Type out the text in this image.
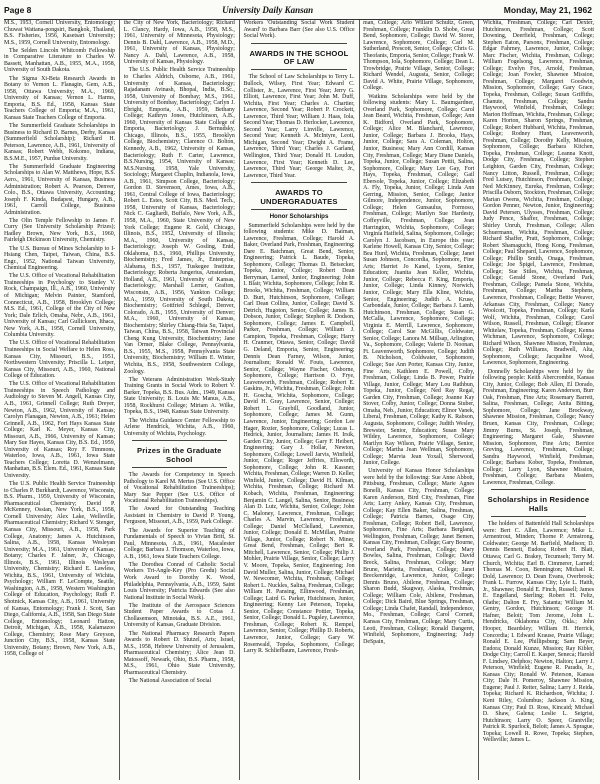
Page 8	University Daily Kansan	Monday, May 21, 1962

M.S., 1953, Cornell University, Entomology; Chuwat Wattana-pongsiri, Bangkok, Thailand, B.S. Fisheries, 1956, Kasetsart University; M.S., 1959, Cornell University, Entomology.

The Selden Lincoln Whitcomb Fellowship in Comparative Literature to Charles W. Bassett, Manhattan, A.B., 1955, M.A., 1958, University of South Dakota.

The Sigma Xi-Beta Research Awards in Botany to Vernon L. Flanagin, Gem, A.B., 1958, Ottawa University; M.A., 1960, University of Kansas; Vernon L. Harms, Emporia, B.S. Ed., 1958, Kansas State Teachers College of Emporia; M.A., 1961, Kansas State Teachers College of Emporia.

The Summerfield Graduate Scholarships in Business to Richard D. Barnes, Derby, Kansas (Summerfield Scholarship); Richard H. Peterson, Lawrence, A.B., 1961, University of Kansas; Robert Webb, Kokomo, Indiana, B.S.M.E., 1957, Purdue University.

The Summerfield Graduate Engineering Scholarships to Alan W. Matthews, Hope, B.S. Aero., 1961, University of Kansas, Business Administration; Robert A. Pearson, Denver, Colo., B.S., Ottawa University, Accounting; Joseph F. Kinda, Budapest, Hungary, A.B., 1961, Carroll College, Business Administration.

The Olin Temple Fellowship to James F. Curry (See University Scholarship Prizes); Hadley Brown, New York, B.S., 1960, Fairleigh Dickinson University, Chemistry.

The U.S. Bureau of Mines Scholarship to I-Hsiang Chen, Taipei, Taiwan, China, B.S. Engr., 1952, National Taiwan University, Chemical Engineering.

The U.S. Office of Vocational Rehabilitation Traineeships in Psychology to Stanley V. Rock, Champaign, Ill., A.B., 1960, University of Michigan; Melvin Painter, Stamford, Connecticut, A.B., 1958, Brooklyn College; M.S. Ed., 1961, College of the City of New York; Dale Erlich, Omaha, Nebr., A.B., 1961, University of Kansas; Carl Gullickson, Ithaca, New York, A.B., 1958, Cornell University, Columbia University.

The U.S. Office of Vocational Rehabilitation Traineeships in Social Welfare to Helen Ross, Kansas City, Missouri, B.S., 1951, Northwestern University; Priscilla L. Leiper, Kansas City, Missouri, A.B., 1960, National College of Education.

The U.S. Office of Vocational Rehabilitation Traineeships in Speech Pathology and Audiology to Steven M. Angell, Kansas City, A.B., 1961, Grinnell College; Ruth Dreyer, Newton, A.B., 1962, University of Kansas; Carolyn Flanagan, Newton, A.B., 1961; Helen Grinnell, A.B., 1962, Fort Hays Kansas State College; Karl K. Meyer, Kansas City, Missouri, A.B., 1966, University of Kansas; Mary Sue Hayes, Kansas City, B.S. Ed., 1959, University of Kansas; Roy F. Timmons, Waterloo, Iowa, A.B., 1961, Iowa State Teachers College; Loretta D. Wenzelmann, Manhattan, B.S. Elem. Ed., 1961, Kansas State University.

The U.S. Public Health Service Traineeship to Charles P. Burkhardt, Lawrence, Wisconsin, B.S. Pharm., 1959, University of Wisconsin, Pharmaceutical Chemistry; David P. McKenney, Ossian, New York, B.S., 1958, Cornell University; Alex Lake, Wellsville, Pharmaceutical Chemistry; Richard V. Stenger, Kansas City, Missouri, A.B., 1958, Park College, Anatomy; James A. Hutchinson, Salina, A.B., 1958, Kansas Wesleyan University; M.A., 1961, University of Kansas; Botany; Charles F. Jalner, Jr., Chicago, Illinois, B.S., 1961, Illinois Wesleyan University, Chemistry; Richard E. Lawless, Wichita, B.S., 1961, University of Wichita, Psychology; William F. LeCompte, Seattle, Washington, A.B., 1958, Western Washington College of Education, Psychology; Ruth F. Shotnick, Kansas City, A.B., 1961, University of Kansas, Entomology; Frank J. Scott, San Diego, California, A.B., 1958, San Diego State College, Entomology; Leonard Hatton, Detroit, Michigan, A.B., 1958, Kalamazoo College, Chemistry; Rose Mary Greyson, Junction City, B.S., 1958, Kansas State University, Botany; Brown, New York, A.B., 1958, College of

the City of New York, Bacteriology; Richard L. Clancy, Hardy, Iowa, A.B., 1958, M.S., 1961, University of Minnesota, Physiology; Dennis B. Dahl, Lawrence, A.B., 1958, M.D., 1961, University of Kansas, Physiology; Nancy A. Dahl, Lawrence, A.B., 1958, University of Kansas, Physiology.

The U.S. Public Health Service Traineeship to Charles Aldrich, Osborne, A.B., 1961, University of Kansas, Bacteriology; Rajadanam Avinash, Bhopal, India, B.Sc., 1958, University of Bombay; M.S., 1961, University of Bombay, Bacteriology; Carlyn J. Ebright, Emporia, A.B., 1959, Bethany College; Kathryn Jones, Hutchinson, A.B., 1960, University of Kansas State College of Emporia, Bacteriology; J. Bernudsky, Chicago, Illinois, B.S., 1955, Brooklyn College, Biochemistry; Clarence O. Bolton, Kennedy, A.B., 1962, University of Kansas, Bacteriology; Ruth F. Carter, Lawrence, B.S.Nursing, 1954, University of Kansas; M.S.Nursing, 1958, Yale University, Sociology; Margaret Chaplin, Indianola, Iowa, A.B., 1961, Simpson College, Bacteriology; Gordon D. Stevenson, Ames, Iowa, A.B., 1961, Central College of Iowa, Bacteriology; Robert L. Estes, Scott City, B.S. Med. Tech., 1958, University of Kansas, Bacteriology; Nick C. Gagliardi, Buffalo, New York, A.B., 1958, M.A., 1960, State University of New York College; Eugene R. Gold, Chicago, Illinois, B.S., 1952, University of Illinois; M.A., 1960, University of Kansas, Bacteriology; Joseph W. Gosling, Enid, Oklahoma, B.S., 1960, Phillips University, Biochemistry; Fred James, Jr., Enterprise, Alabama, B.S., 1957, Tuskegee Institute, Bacteriology; Roberta Jungerius, Amsterdam, Holland, A.B., 1961, University of Kansas, Bacteriology; Marshall Lerner, Grafton, Wisconsin, A.B., 1956, Yankton College; M.A., 1959, University of South Dakota, Biochemistry; Gottfried Schlegel, Denver, Colorado, A.B., 1955, University of Denver; M.A., 1960, University of Kansas, Biochemistry; Shirley Chiang-Hsia Su, Taipei, Taiwan, China, B.S., 1958, Taiwan Provincial Cheng Kung University, Biochemistry; Jane Van Ormer, Blake College, Pennsylvania, B.S., 1955, M.S., 1958, Pennsylvania State University, Biochemistry; William E. Winter, Wichita, B.S., 1958, Southwestern College, Zoology.

The Veterans Administration Work-Study Training Grants in Social Work to Robert V. Barker, Topeka, B.S. Bus. Adm., 1949, Kansas State University; B. Louis Mc Manus, A.B., 1958, Rockhurst College; Miriam A. Wilke, Topeka, B.S., 1948, Kansas State University.

The Wichita Guidance Center Fellowship to Arlene Hendrick, Wichita, A.B., 1960, University of Wichita, Psychology.

Prizes in the Graduate School

The Awards for Competency in Speech Pathology to Karel M. Mertes (See U.S. Office of Vocational Rehabilitation Traineeships); Mary Sue Pepper (See U.S. Office of Vocational Rehabilitation Traineeships).

The Award for Outstanding Teaching Assistant in Chemistry to David P. Young, Ferguson, Missouri, A.B., 1959, Park College.

The Awards for Superior Teaching of Fundamentals of Speech to Vivian Britt, St. Paul, Minnesota, A.B., 1961, Macalester College; Barbara J. Thomson, Waterloo, Iowa, A.B., 1961, Iowa State Teachers College.

The Dorothea Conrad of Catholic Social Workers Tri-Angle-Key (Pro Gredu) Social Work Award to Dorothy K. Wood, Philadelphia, Pennsylvania, A.B., 1959, Saint Louis University; Patricia Edwards (See also National Institute in Social Work).

The Institute of the Aerospace Sciences Student Paper Awards to Cotas J. Chollasemson, Minotaka, B.S. A.E., 1961, University of Kansas, Graduate Division.

The National Pharmacy Research Papers Awards to Robert D. Stutzel, Arts; Israel, M.S., 1958, Hebrew University of Jerusalem, Pharmaceutical Chemistry; Alice Jean D. Matossoff, Newark, Ohio, B.S. Pharm., 1958, M.S., 1961, Ohio State University, Pharmaceutical Chemistry.

The National Association of Social

Workers 'Outstanding Social Work Student Award' to Barbara Barr (See also U.S. Office Social Work).

AWARDS IN THE SCHOOL OF LAW

The School of Law Scholarships to Terry L. Bullock, Wilsey, First Year; Edward C. Collister, Jr., Lawrence, First Year; Jerry G. Elliott, Lawrence, First Year; John M. Duff, Wichita, First Year; Charles A. Chartier, Lawrence, Second Year; Robert P. Crockett, Lawrence, Third Year; William J. Haas, Iola, Second Year; Thomas D. Herlocker, Lawrence, Second Year; Larry Linville, Lawrence, Second Year; Kenneth A. McIntyre, Leoti, Michigan, Second Year; Dwight A. Frame, Lawrence, Third Year; Charles J. Garland, Wellington, Third Year; Donald H. Loudon, Lawrence, First Year; Kenneth D. Lee, Lawrence, Third Year; George Malter, Jr., Lawrence, Third Year.

AWARDS TO UNDERGRADUATES
Honor Scholarships

Summerfield Scholarships were held by the following students: Mike D. Baiman, Lawrence, Freshman, College; Harold A. Baker, Overland Park, Freshman, Engineering; Dare E. Batchman, Great Bend, Senior, Engineering; Patrick L. Baude, Topeka, Sophomore, College; Thomas D. Beisecker, Topeka, Junior, College; Robert Dean Berryman, Larned, Junior, Engineering; John I. Blair, Wichita, Sophomore, College; John R. Brooks, Wichita, Freshman, College; William D. Burt, Hutchinson, Sophomore, College; Carl Dean Collins, Junior, College; David S. Detrich, Hugoton, Senior, College; James B. Dobson, Junior, College; Stephen R. Dodson, Sophomore, College; James E. Campbell, Parker, Freshman, College; William J. Campion, Topeka, Freshman, College; Harry H. Cranmer, Ottawa, Senior, College; David G. Deland, Emporia, Senior, Engineering; Dennis Dean Farney, Wilson, Junior, Journalism; Ronald W. Fouts, Lawrence, Senior, College; Wayne Fischer, Osborne, Sophomore, College; Harrison O. Frye, Leavenworth, Freshman, College; Robert E. Gaskins, Jr., Wichita, Freshman, College; John H. Goscha, Wichita, Sophomore, College; David H. Gray, Lawrence, Senior, College; Robert L. Graybill, Goodland, Junior, Sophomore, College; James M. Gunn, Lawrence, Junior, Engineering; Gordon Lee Hager, Rozier, Sophomore, College; Lucas L. Hedrick, Junior, Journalism; James H. Irsik, Garden City, Junior, College; Gary F. Heibert, Engineering; Gary J. Hollar, Newton, Sophomore, College; Lowell Jarvis, Winfield, Junior, College; Roger Jeffries, Ellsworth, Sophomore, College; John R. Kassner, Wichita, Freshman, College; Warren D. Keller, Winfield, Junior, College; David H. Kilman, Wichita, Freshman, College; Richard M. Kobach, Wichita, Freshman, Engineering; Benjamin C. Langel, Salina, Senior, Business; Alan D. Lutz, Wichita, Senior, College; John C. Maloney, Lawrence, Freshman, College; Charles A. Marvin, Lawrence, Freshman, College; Daniel McClelland, Lawrence, Junior, College; Donald E. McMillan, Prairie Village, Junior, College; Robert N. Miner, Great Bend, Freshman, College; Bert R. Mitchell, Lawrence, Senior, College; Philip J. Mohler, Prairie Village, Senior, College; Larry V. Moore, Topeka, Senior, Engineering; Jon David Muller, Salina, Junior, College; Michael W. Newcomer, Wichita, Freshman, College; Robert L. Nuckles, Salina, Freshman, College; William H. Pansing, Ellinwood, Freshman, College; Laird G. Parker, Hutchinson, Junior, Engineering; Kenny Lee Peterson, Topeka, Senior, College; Constance Pottier, Topeka, Senior, College; Donald L. Pugsley, Lawrence, Freshman, College; Robert K. Rempel, Lawrence, Senior, College; Phillip D. Roberts, Lawrence, Junior, College; Gary W. Rosenwald, Topeka, Sophomore, College; Larry R. Schliefbaum, Lawrence, Fresh-

man, College; Arlo Willard Schultz, Green, Freshman, College; Franklin D. Shobe, Great Bend, Sophomore, College; David W. Storer, Lawrence, Sophomore, College; Carl M. Sutherland, Prescott, Senior, College; Chris G. Theofanis, Emporia, Senior, College; Frank W. Thompson, Iola, Sophomore, College; Dean L. Trowbridge, Prairie Village, Senior, College; Richard Wendel, Augusta, Senior, College; David A. White, Prairie Village, Sophomore, College.

Watkins Scholarships were held by the following students: Mary L. Baumgardner, Overland Park, Sophomore, College; Carol Jean Beard, Wichita, Freshman, College; Ann K. Bidford, Overland Park, Sophomore, College; Alice M. Blanchard, Lawrence, Junior, College; Barbara J. Brooks, Hays, Junior, College; Sara A. Coleman, Holton, Junior, Business; Mary Ann Cordill, Kansas City, Freshman, College; Mary Diane Daniels, Topeka, Junior, College; Susan Pettit, Salina, Sophomore, College; Mary Lee Gay, Fort Hays, Topeka, Freshman, College; Gail Ebersole, Topeka, Junior, College; Elizabeth A. Fly, Topeka, Junior, College; Linda Ann Gerring, Mission, Senior, College; Janice Gilmore, Independence, Junior, Sophomore, College; Helen Gunsaulus, Formoso, Freshman, College; Marilyn Sue Hardesty, Coffeyville, Freshman, College; Jean Harrington, Wichita, Sophomore, College; Virginia Hatfield, Salina, Sophomore, College; Carolyn J. Jacobsen, in Europe this year; Karlene Howell, Kansas City, Senior, College; Bea Hurd, Wichita, Freshman, College; Janet Susan Johnson, Concordia, Sophomore, Fine Arts; Harriet Jo Kanel, Lyons, Senior, Education; Juanita Jean Keller, Wichita, Junior, College; Rebecca F. King, Emporia, Junior, College; Linda Kinney, Norwich, Junior, College; Mary Ella Kline, Wichita, Senior, Engineering; Judith A. Kruse, Carbondale, Junior, College; Barbara J. Lamb, Hutchinson, Freshman, College; Susan G. McCalla, Lawrence, Sophomore, College; Virginia E. Merrill, Lawrence, Sophomore, College; Carol Sue McGillis, Coldwater, Senior, College; Lanora M. Millsap, Arlington, Va., Sophomore, College; Valerie D. Noonan, Ft. Leavenworth, Sophomore, College; Judith B. Nicholson, Coldwater, Sophomore, College; Sue Ann Porter, Kansas City, Junior, Fine Arts; Kathleen E. Powell, Colby, Freshman, College; Linda B. Power, Prairie Village, Junior, College; Mary Lou Rathbun, Topeka, Junior, College; Ned Ray Regal, Garden City, Freshman, College; Joanne Kay Stover, Colby, Junior, College; Donna Stuber, Omaha, Neb., Junior, Education; Elinor Vanek, Liberal, Freshman, College; Kathy K. Rabson, Augusta, Sophomore, College; Judith Wesley, Brewster, Senior, Education; Susan Mary Wildey, Lawrence, Sophomore, College; Marilyn Kay Wilson, Prairie Village, Senior, College; Martha Jean Wellman, Sophomore, College; Marvia Jean Yoxall, Sherwood, Junior, College.

University of Kansas Honor Scholarships were held by the following: Sue Anne Abbott, Pittsburg, Freshman, College; Marie Agnes Bonelli, Kansas City, Freshman, College; Karen Anderson, Bird City, Freshman, Fine Arts; Larry Ankey, Kansas City, Freshman, College; Kay Ellen Baker, Salina, Freshman, College; Patricia Barnes, Osage City, Freshman, College; Robert Bell, Lawrence, Sophomore, Fine Arts; Barbara Bergland, Wellington, Freshman, College; Janet Bemen, Kansas City, Freshman, College; Gary Bourne, Overland Park, Freshman, College; Mary Bowles, Salina, Freshman, College; David Breck, Salina, Freshman, College; Mary Brune, Marietta, Freshman, College; Janet Breckenridge, Lawrence, Junior, College; Dennis Bruno, Abilene, Freshman, College; Sharon Budd, Skagway, Alaska, Freshman, College; William Cole, Abilene, Freshman, College; Dick Baird, Blue Springs, Freshman, College; Linda Chafet, Randall, Independence, Mo., Freshman, College; Carol Cornett, Kansas City, Freshman, College; Mary Curtis, Leoti, Freshman, College; Ronald Dangeret, Winfield, Sophomore, Engineering; Judy DeSpain,

Wichita, Freshman, College; Carl Dexter, Hutchinson, Freshman, College; Scott Downing, Deerfield, Freshman, College; Stephen Eaton, Parsons, Freshman, College; Edgar Fahrney, Lawrence, Junior, College; Marc Fischer, Wichita, Freshman, College; William Fogelsong, Lawrence, Freshman, College; Evelyn Fox, Arnold, Freshman, College; Joan Fowler, Shawnee Mission, Freshman, College; Margaret Goodwin, Mission, Sophomore, College; Gary Grace, Topeka, Freshman, College; Susan Griffiths, Chanute, Freshman, College; Sandra Haywood, Winfield, Freshman, College; Marion Hoffman, Wichita, Freshman, College; Karen Horton, Sharon Springs, Freshman, College; Robert Hubbard, Wichita, Freshman, College; Rodney Hunt, Leavenworth, Freshman, College; Dorothy Kelly, Mission, Sophomore, College; Barbara Kitchen, Topeka, Freshman, College; Leanna Knott, Dodge City, Freshman, College; Stephen Leighton, Garden City, Freshman, College; Nancy Litton, Russell, Freshman, College; Fred Lutsey, Hutchinson, Freshman, College; Ned McKinney, Eureka, Freshman, College; Priscilla Osborn, Stockton, Freshman, College; Marian Owens, Wichita, Freshman, College; Gordon Penner, Newton, Junior, Engineering; David Petersen, Ulysses, Freshman, College; Judy Pence, Shaffer, Freshman, College; Shirley Unruh, Freshman, College; Allen Schuermann, Wichita, Freshman, College; Richard Shaffer, Pratt, Sophomore, College; Robert Shamaguchi, Hong Kong, Freshman, College; Paul Shepard, Lawrence, Sophomore, College; Phillip Smith, Onaga, Freshman, College; Joe Spigel, Lawrence, Freshman, College; Sue Stiles, Wichita, Freshman, College; Gerald Stone, Overland Park, Freshman, College; Pamela Stone, Wichita, Freshman, College; Martha Stephens, Lawrence, Freshman, College; Bettie Weaver, Arkansas City, Freshman, College; Nancy Woolcott, Topeka, Freshman, College; Karla Wolf, Wichita, Freshman, College; Carol Wilson, Russell, Freshman, College; Eleanor Whitelaw, Topeka, Freshman, College; Kenna Wichman, Lawrence, Sophomore, College; Richard Wilson, Shawnee Mission, Freshman, College; Ruth Williams, Bradwell, Alta, Sophomore, College; Jacqueline Wood, Lawrence, Sophomore, Engineering.

Donnelly Scholarships were held by the following people: Keith Abercrombie, Kansas City, Junior, College; Bob Allen, El Dorado, Freshman, Engineering; Karen Anderson, Burr Oak, Freshman, Fine Arts; Rosemary Barrett, Salina, Freshman, College; Anita Bitting, Sophomore, College; Jane Brockway, Shawnee Mission, Freshman, College; Nancy Bruen, Kansas City, Freshman, College; Jimmy Burns, St. Joseph, Freshman, Engineering; Margaret Gale, Shawnee Mission, Sophomore, Fine Arts; Bernice Greving, Lawrence, Freshman, College; Sandra Haywood, Winfield, Freshman, College; Barbara Kober, Topeka, Freshman, College; Larry Lyon, Shawnee Mission, Freshman, College; Barbara Masters, Lawrence, Freshman, College.

Scholarships in Residence Halls

The holders of Battenfeld Hall Scholarships were: Bert C. Allen, Lawrence; Mike L. Armentrout, Minden; Thorne P. Armstrong, Coldwater; George M. Barfield, Madison; D. Dennis Bennett, Eudora; Robert H. Blatt, Ottawa; Carl G. Brakey, Tecumseh; Terry M. Church, Wichita; Earl B. Cimmerer, Larned; Thomas M. Coon, Bennington; Michael R. Dold, Lawrence; D. Dean Evans, Overbrook; Frank L. Furrow, Kansas City; Lyle L. Haith, Jr., Shawnee; Donald E. Finch, Russell; James E. Engelland, Sterling; Robert H. Feltz, Olathe; Dalton E. Fry, Satanta; William M. Gentry, Gordon, Hutchinson; George H. Hafner, Beloit; Tom Jerome, John L. Hendricks, Oklahoma City, Okla.; John Hooper, Beardsley; William H. Herrick, Concordia; I. Edward Krause, Prairie Village; Ronald E. Lee, Phillipsburg; Sam Beyer, Eudora; Donald Kunze, Mission; Ray Kibler, Dodge City; Carroll E. Kasper, Seneca; Harold F. Lindsey, Delphos; Newton, Halton; Larry J. Peterson, Winfield; Eugene R. Paradis, Jr., Kansas City; Ronald W. Peterson, Kansas City; Dale H. Pomeroy, Shawnee Mission, Eugene; Paul J. Reiter, Salina; Larry J. Reida, Topeka; Richard K. Richardson, Wichita; J. Kent Riley, Columbus; Jackson A. King, Kansas City; Paul D. Ross, Kincaid; Michael D. Shaw, Galena; Leslie L. Seigrist, Hutchinson; Larry O. Speer, Grantville; Patrick R. Spurlock, Beloit; James A. Sprague, Topeka; Lowell R. Rowe, Topeka; Stephen, Wellsville; James L.
